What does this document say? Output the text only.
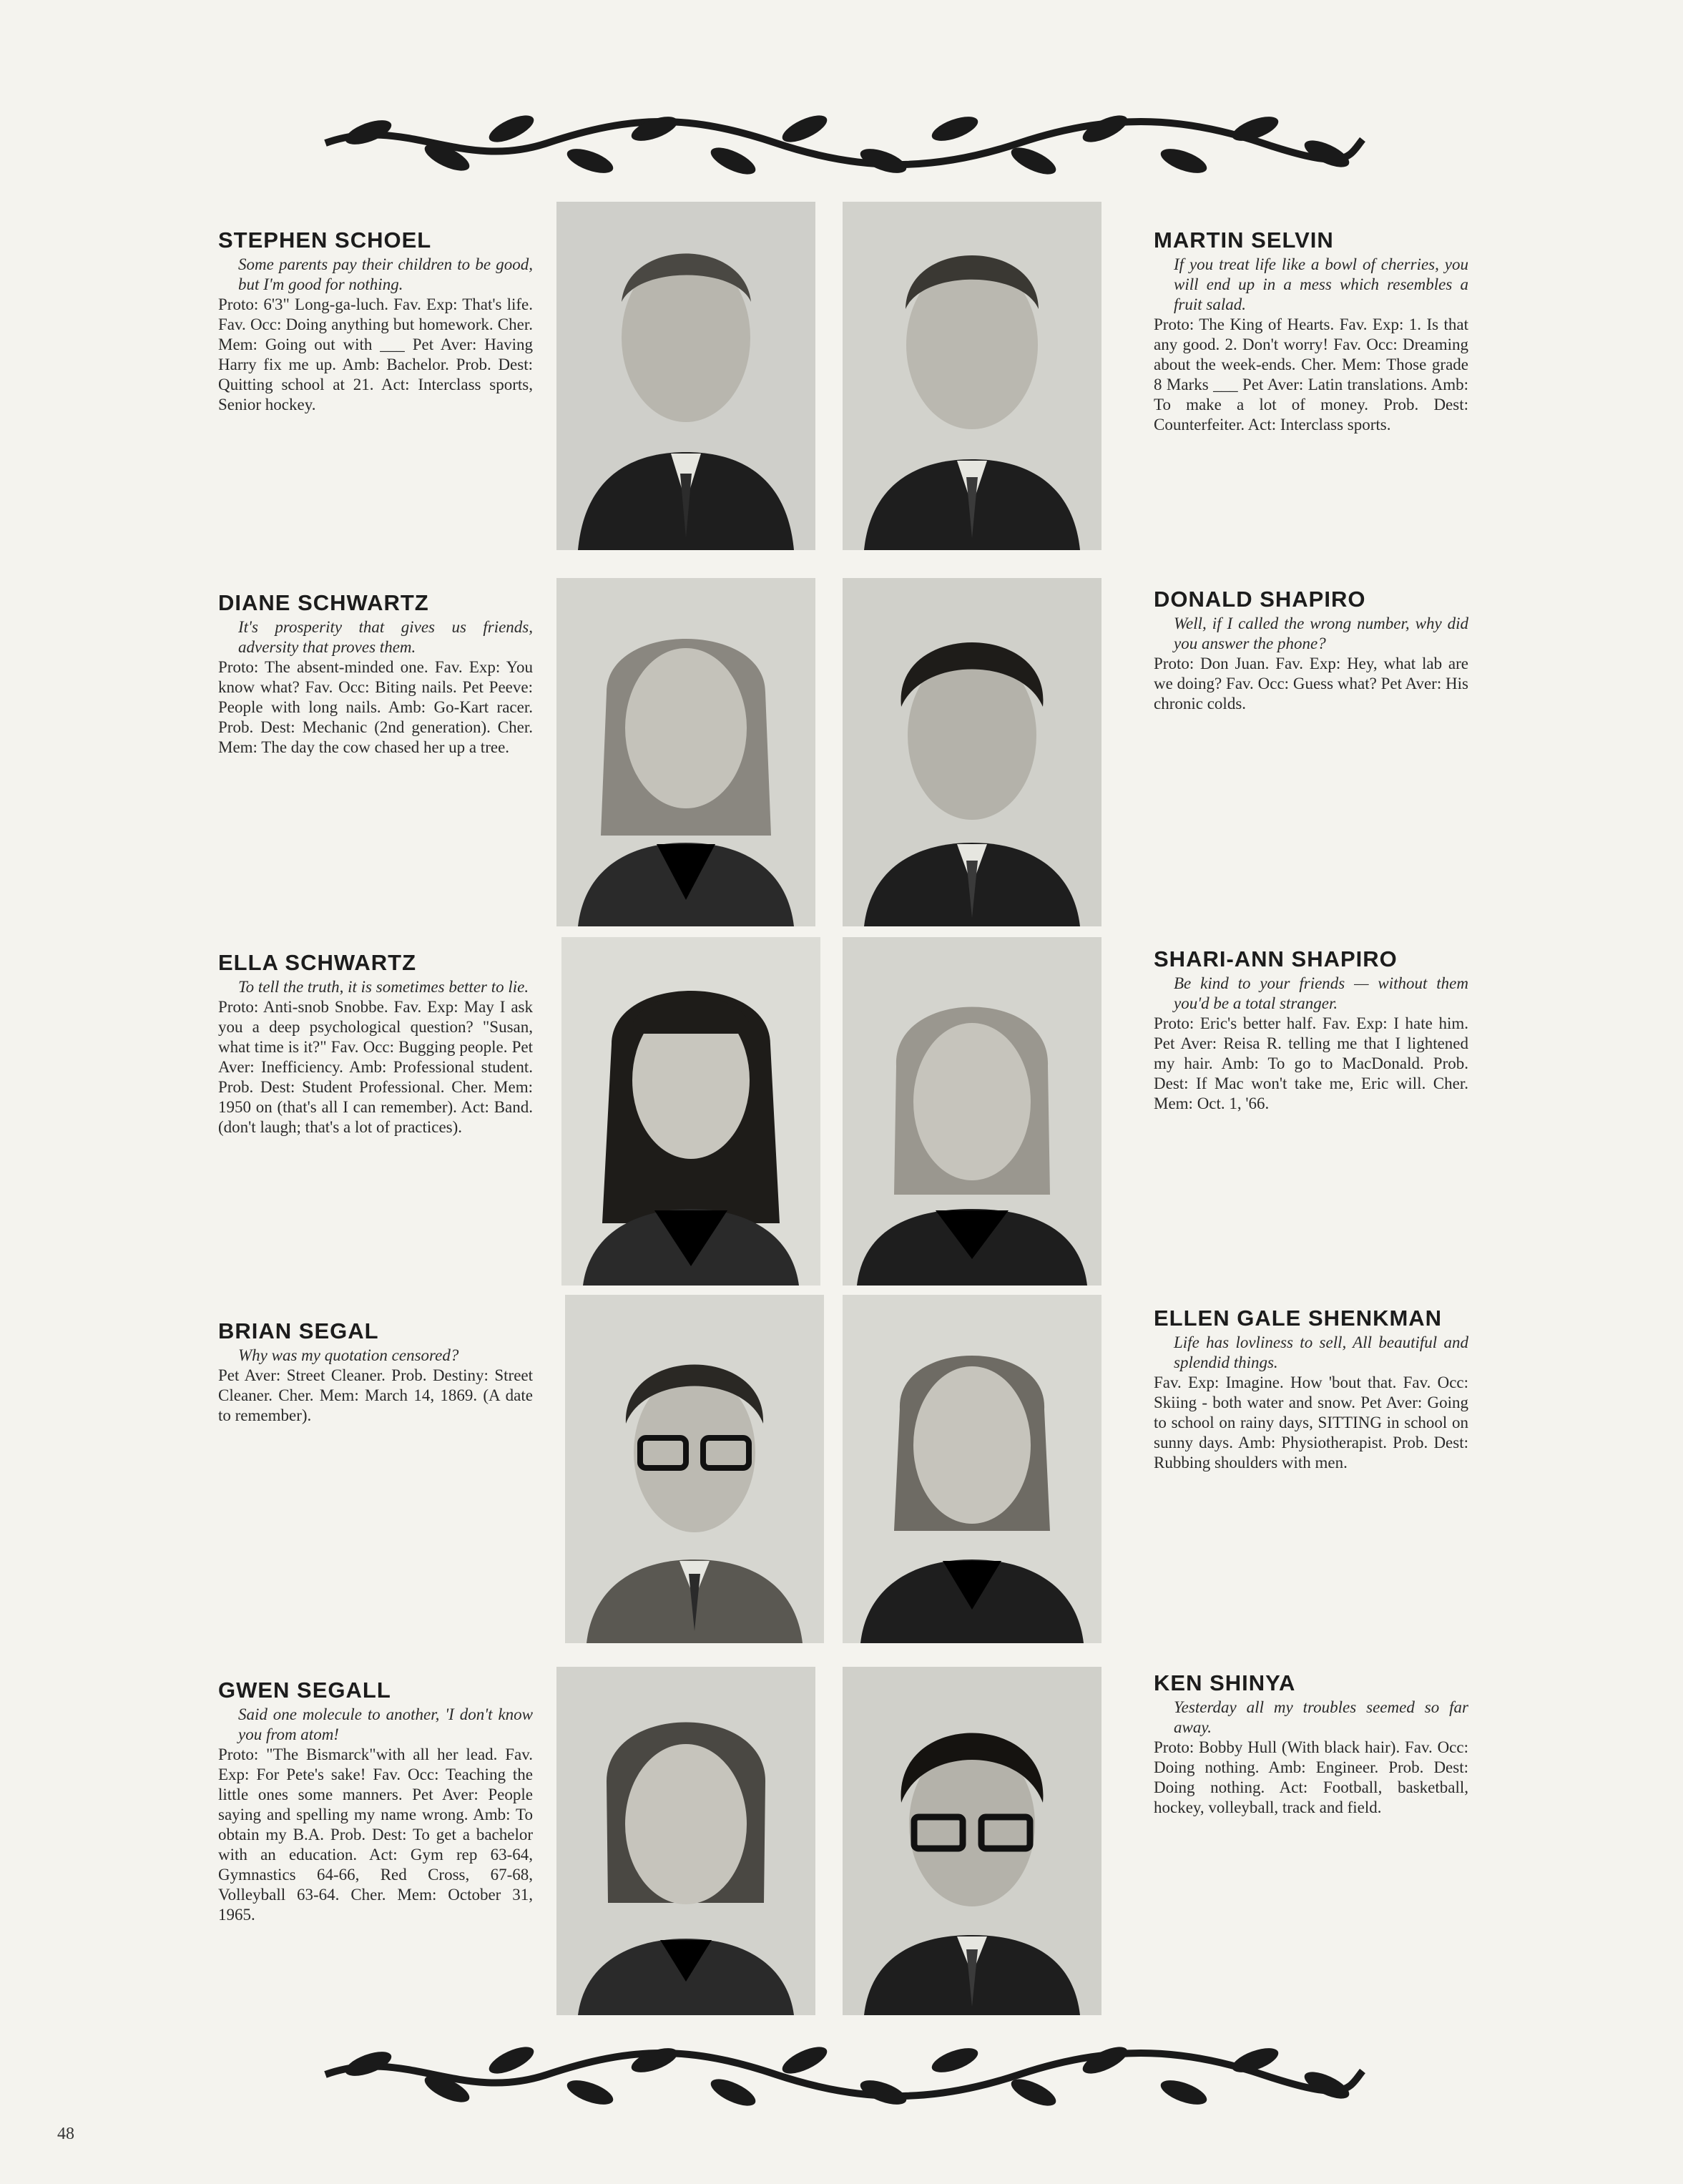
STEPHEN SCHOEL
Some parents pay their children to be good, but I'm good for nothing.
Proto: 6'3" Long-ga-luch. Fav. Exp: That's life. Fav. Occ: Doing anything but homework. Cher. Mem: Going out with ___ Pet Aver: Having Harry fix me up. Amb: Bachelor. Prob. Dest: Quitting school at 21. Act: Interclass sports, Senior hockey.
MARTIN SELVIN
If you treat life like a bowl of cherries, you will end up in a mess which resembles a fruit salad.
Proto: The King of Hearts. Fav. Exp: 1. Is that any good. 2. Don't worry! Fav. Occ: Dreaming about the week-ends. Cher. Mem: Those grade 8 Marks ___ Pet Aver: Latin translations. Amb: To make a lot of money. Prob. Dest: Counterfeiter. Act: Interclass sports.
DIANE SCHWARTZ
It's prosperity that gives us friends, adversity that proves them.
Proto: The absent-minded one. Fav. Exp: You know what? Fav. Occ: Biting nails. Pet Peeve: People with long nails. Amb: Go-Kart racer. Prob. Dest: Mechanic (2nd generation). Cher. Mem: The day the cow chased her up a tree.
DONALD SHAPIRO
Well, if I called the wrong number, why did you answer the phone?
Proto: Don Juan. Fav. Exp: Hey, what lab are we doing? Fav. Occ: Guess what? Pet Aver: His chronic colds.
ELLA SCHWARTZ
To tell the truth, it is sometimes better to lie.
Proto: Anti-snob Snobbe. Fav. Exp: May I ask you a deep psychological question? "Susan, what time is it?" Fav. Occ: Bugging people. Pet Aver: Inefficiency. Amb: Professional student. Prob. Dest: Student Professional. Cher. Mem: 1950 on (that's all I can remember). Act: Band. (don't laugh; that's a lot of practices).
SHARI-ANN SHAPIRO
Be kind to your friends — without them you'd be a total stranger.
Proto: Eric's better half. Fav. Exp: I hate him. Pet Aver: Reisa R. telling me that I lightened my hair. Amb: To go to MacDonald. Prob. Dest: If Mac won't take me, Eric will. Cher. Mem: Oct. 1, '66.
BRIAN SEGAL
Why was my quotation censored?
Pet Aver: Street Cleaner. Prob. Destiny: Street Cleaner. Cher. Mem: March 14, 1869. (A date to remember).
ELLEN GALE SHENKMAN
Life has lovliness to sell, All beautiful and splendid things.
Fav. Exp: Imagine. How 'bout that. Fav. Occ: Skiing - both water and snow. Pet Aver: Going to school on rainy days, SITTING in school on sunny days. Amb: Physiotherapist. Prob. Dest: Rubbing shoulders with men.
GWEN SEGALL
Said one molecule to another, 'I don't know you from atom!
Proto: "The Bismarck"with all her lead. Fav. Exp: For Pete's sake! Fav. Occ: Teaching the little ones some manners. Pet Aver: People saying and spelling my name wrong. Amb: To obtain my B.A. Prob. Dest: To get a bachelor with an education. Act: Gym rep 63-64, Gymnastics 64-66, Red Cross, 67-68, Volleyball 63-64. Cher. Mem: October 31, 1965.
KEN SHINYA
Yesterday all my troubles seemed so far away.
Proto: Bobby Hull (With black hair). Fav. Occ: Doing nothing. Amb: Engineer. Prob. Dest: Doing nothing. Act: Football, basketball, hockey, volleyball, track and field.
48
